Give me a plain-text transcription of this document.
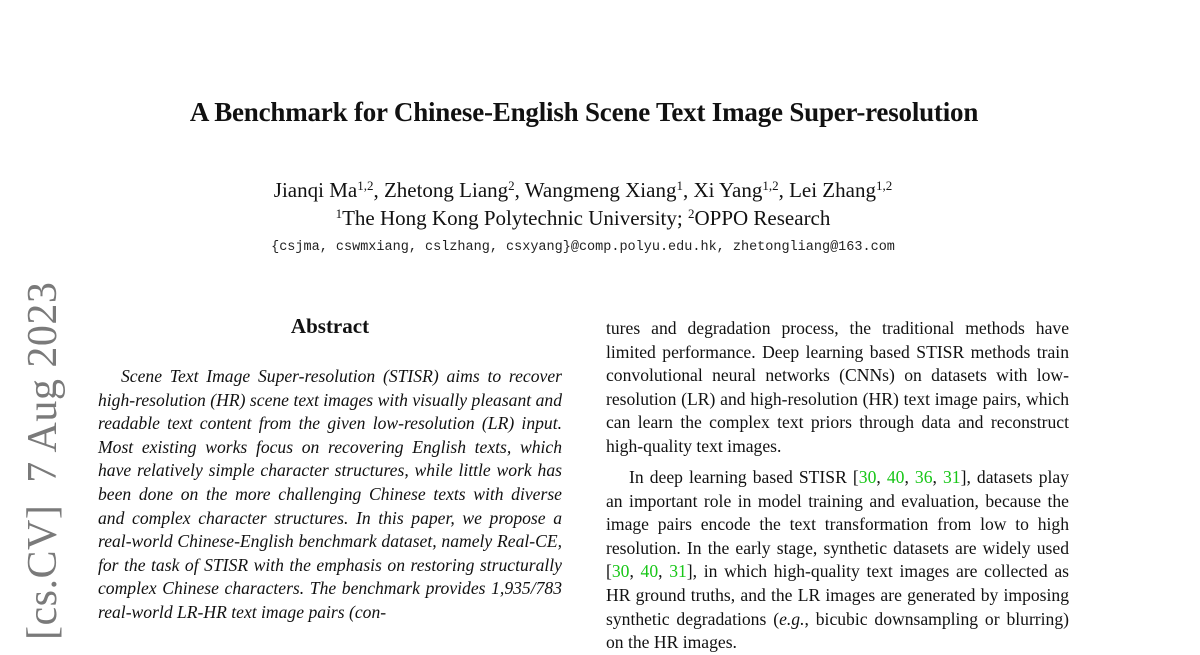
[cs.CV]  7 Aug 2023
A Benchmark for Chinese-English Scene Text Image Super-resolution
Jianqi Ma$^{1,2}$, Zhetong Liang$^2$, Wangmeng Xiang$^1$, Xi Yang$^{1,2}$, Lei Zhang$^{1,2}$
$^1$The Hong Kong Polytechnic University; $^2$OPPO Research
{csjma, cswmxiang, cslzhang, csxyang}@comp.polyu.edu.hk, zhetongliang@163.com
Abstract

Scene Text Image Super-resolution (STISR) aims to recover high-resolution (HR) scene text images with visually pleasant and readable text content from the given low-resolution (LR) input. Most existing works focus on recovering English texts, which have relatively simple character structures, while little work has been done on the more challenging Chinese texts with diverse and complex character structures. In this paper, we propose a real-world Chinese-English benchmark dataset, namely Real-CE, for the task of STISR with the emphasis on restoring structurally complex Chinese characters. The benchmark provides 1,935/783 real-world LR-HR text image pairs (con-

tures and degradation process, the traditional methods have limited performance. Deep learning based STISR methods train convolutional neural networks (CNNs) on datasets with low-resolution (LR) and high-resolution (HR) text image pairs, which can learn the complex text priors through data and reconstruct high-quality text images.

In deep learning based STISR [30, 40, 36, 31], datasets play an important role in model training and evaluation, because the image pairs encode the text transformation from low to high resolution. In the early stage, synthetic datasets are widely used [30, 40, 31], in which high-quality text images are collected as HR ground truths, and the LR images are generated by imposing synthetic degradations (e.g., bicubic downsampling or blurring) on the HR images.
